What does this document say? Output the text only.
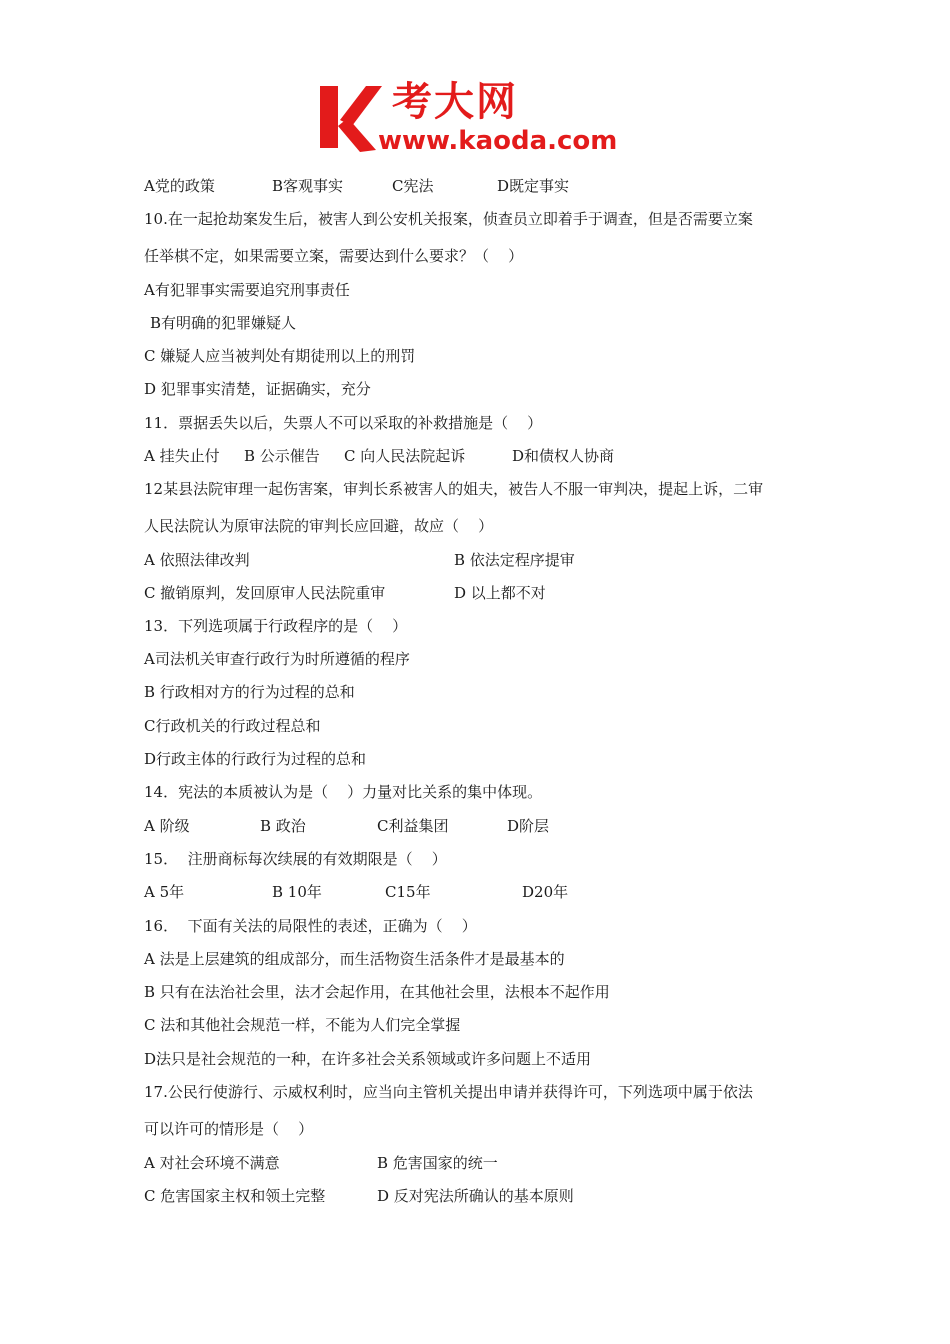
考大网
www.kaoda.com
A党的政策	B客观事实	C宪法	D既定事实
10.在一起抢劫案发生后，被害人到公安机关报案，侦查员立即着手于调查，但是否需要立案
任举棋不定，如果需要立案，需要达到什么要求？（    ）
A有犯罪事实需要追究刑事责任
B有明确的犯罪嫌疑人
C 嫌疑人应当被判处有期徒刑以上的刑罚
D 犯罪事实清楚，证据确实，充分
11．票据丢失以后，失票人不可以采取的补救措施是（    ）
A 挂失止付 B 公示催告 C 向人民法院起诉	D和债权人协商
12某县法院审理一起伤害案，审判长系被害人的姐夫，被告人不服一审判决，提起上诉，二审
人民法院认为原审法院的审判长应回避，故应（    ）
A 依照法律改判	B 依法定程序提审
C 撤销原判，发回原审人民法院重审	D 以上都不对
13．下列选项属于行政程序的是（    ）
A司法机关审查行政行为时所遵循的程序
B 行政相对方的行为过程的总和
C行政机关的行政过程总和
D行政主体的行政行为过程的总和
14．宪法的本质被认为是（    ）力量对比关系的集中体现。
A 阶级	B 政治	C利益集团	D阶层
15．  注册商标每次续展的有效期限是（    ）
A 5年	B 10年	C15年	D20年
16．  下面有关法的局限性的表述，正确为（    ）
A 法是上层建筑的组成部分，而生活物资生活条件才是最基本的
B 只有在法治社会里，法才会起作用，在其他社会里，法根本不起作用
C 法和其他社会规范一样，不能为人们完全掌握
D法只是社会规范的一种，在许多社会关系领域或许多问题上不适用
17.公民行使游行、示威权利时，应当向主管机关提出申请并获得许可，下列选项中属于依法
可以许可的情形是（    ）
A 对社会环境不满意	B 危害国家的统一
C 危害国家主权和领土完整	D 反对宪法所确认的基本原则
